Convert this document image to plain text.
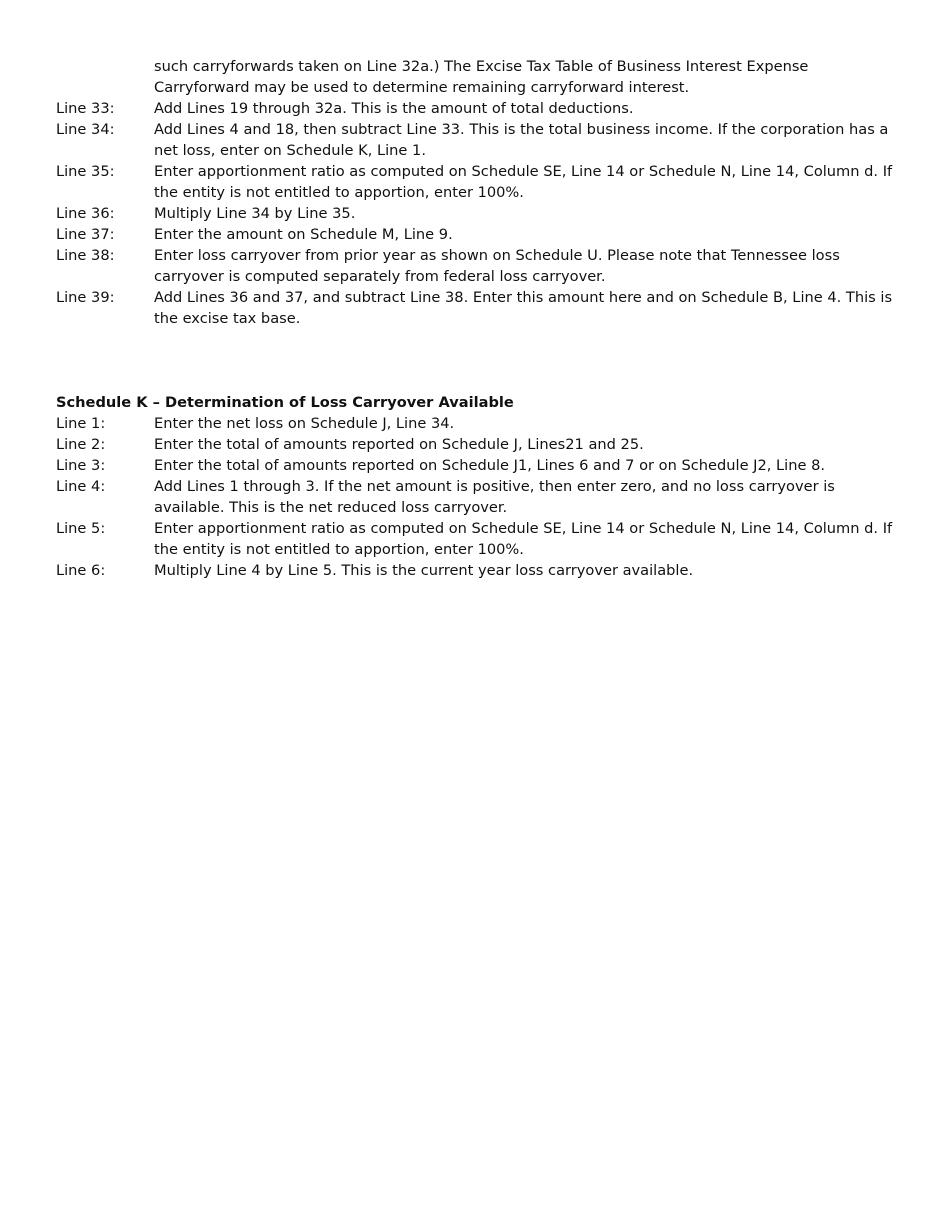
such carryforwards taken on Line 32a.) The Excise Tax Table of Business Interest Expense Carryforward may be used to determine remaining carryforward interest.
Line 33:	Add Lines 19 through 32a. This is the amount of total deductions.
Line 34:	Add Lines 4 and 18, then subtract Line 33. This is the total business income. If the corporation has a net loss, enter on Schedule K, Line 1.
Line 35:	Enter apportionment ratio as computed on Schedule SE, Line 14 or Schedule N, Line 14, Column d. If the entity is not entitled to apportion, enter 100%.
Line 36:	Multiply Line 34 by Line 35.
Line 37:	Enter the amount on Schedule M, Line 9.
Line 38:	Enter loss carryover from prior year as shown on Schedule U. Please note that Tennessee loss carryover is computed separately from federal loss carryover.
Line 39:	Add Lines 36 and 37, and subtract Line 38. Enter this amount here and on Schedule B, Line 4. This is the excise tax base.
Schedule K – Determination of Loss Carryover Available
Line 1:	Enter the net loss on Schedule J, Line 34.
Line 2:	Enter the total of amounts reported on Schedule J, Lines21 and 25.
Line 3:	Enter the total of amounts reported on Schedule J1, Lines 6 and 7 or on Schedule J2, Line 8.
Line 4:	Add Lines 1 through 3. If the net amount is positive, then enter zero, and no loss carryover is available. This is the net reduced loss carryover.
Line 5:	Enter apportionment ratio as computed on Schedule SE, Line 14 or Schedule N, Line 14, Column d. If the entity is not entitled to apportion, enter 100%.
Line 6:	Multiply Line 4 by Line 5. This is the current year loss carryover available.
